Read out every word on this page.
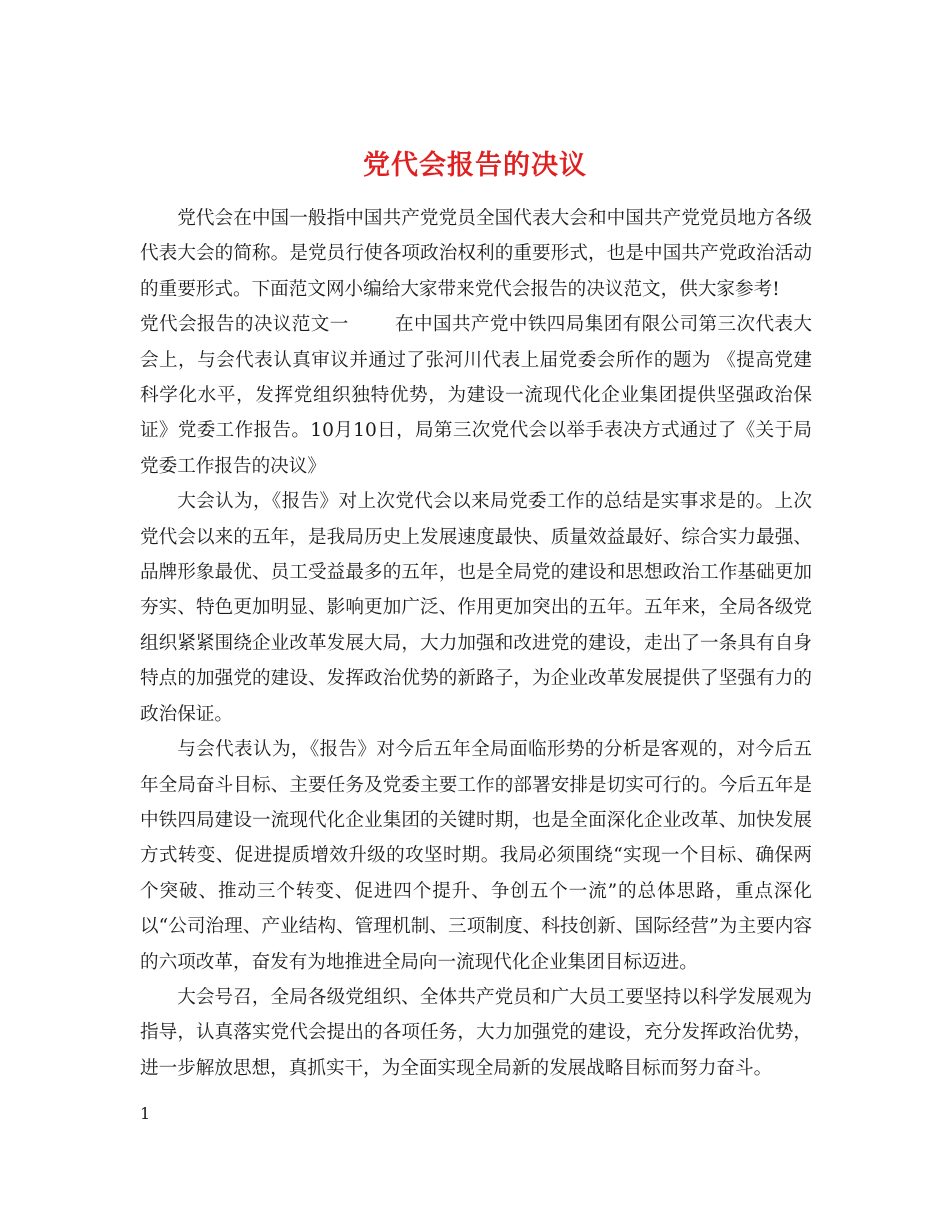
党代会报告的决议

党代会在中国一般指中国共产党党员全国代表大会和中国共产党党员地方各级代表大会的简称。是党员行使各项政治权利的重要形式，也是中国共产党政治活动的重要形式。下面范文网小编给大家带来党代会报告的决议范文，供大家参考!

党代会报告的决议范文一 在中国共产党中铁四局集团有限公司第三次代表大会上，与会代表认真审议并通过了张河川代表上届党委会所作的题为 《提高党建科学化水平，发挥党组织独特优势，为建设一流现代化企业集团提供坚强政治保证》党委工作报告。10月10日，局第三次党代会以举手表决方式通过了《关于局党委工作报告的决议》

大会认为，《报告》对上次党代会以来局党委工作的总结是实事求是的。上次党代会以来的五年，是我局历史上发展速度最快、质量效益最好、综合实力最强、品牌形象最优、员工受益最多的五年，也是全局党的建设和思想政治工作基础更加夯实、特色更加明显、影响更加广泛、作用更加突出的五年。五年来，全局各级党组织紧紧围绕企业改革发展大局，大力加强和改进党的建设，走出了一条具有自身特点的加强党的建设、发挥政治优势的新路子，为企业改革发展提供了坚强有力的政治保证。

与会代表认为，《报告》对今后五年全局面临形势的分析是客观的，对今后五年全局奋斗目标、主要任务及党委主要工作的部署安排是切实可行的。今后五年是中铁四局建设一流现代化企业集团的关键时期，也是全面深化企业改革、加快发展方式转变、促进提质增效升级的攻坚时期。我局必须围绕“实现一个目标、确保两个突破、推动三个转变、促进四个提升、争创五个一流”的总体思路，重点深化以“公司治理、产业结构、管理机制、三项制度、科技创新、国际经营”为主要内容的六项改革，奋发有为地推进全局向一流现代化企业集团目标迈进。

大会号召，全局各级党组织、全体共产党员和广大员工要坚持以科学发展观为指导，认真落实党代会提出的各项任务，大力加强党的建设，充分发挥政治优势，进一步解放思想，真抓实干，为全面实现全局新的发展战略目标而努力奋斗。

1
